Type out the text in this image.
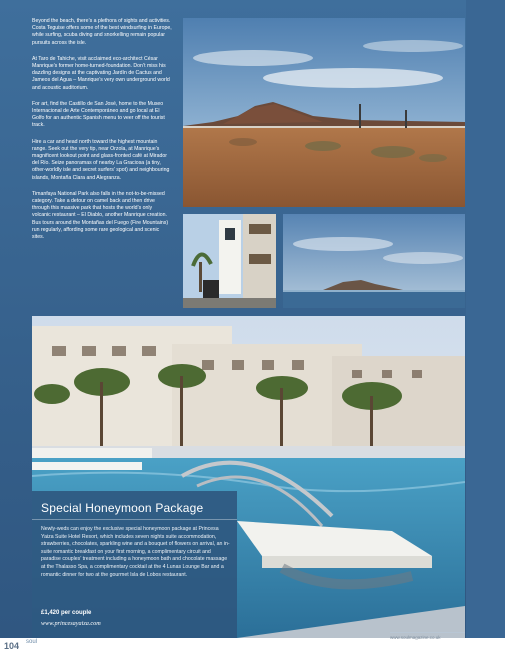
Beyond the beach, there’s a plethora of sights and activities. Costa Teguise offers some of the best windsurfing in Europe, while surfing, scuba diving and snorkelling remain popular pursuits across the isle.

At Taro de Tahiche, visit acclaimed eco-architect César Manrique’s former home-turned-foundation. Don’t miss his dazzling designs at the captivating Jardín de Cactus and Jameos del Agua – Manrique’s very own underground world and acoustic auditorium.

For art, find the Castillo de San José, home to the Museo Internacional de Arte Contemporáneo and go local at El Golfo for an authentic Spanish menu to veer off the tourist track.

Hire a car and head north toward the highest mountain range. Seek out the very tip, near Orzola, at Manrique’s magnificent lookout point and glass-fronted café at Mirador del Río. Seize panoramas of nearby La Graciosa (a tiny, other-worldly isle and secret surfers’ spot) and neighbouring islands, Montaña Clara and Alegranza.

Timanfaya National Park also falls in the not-to-be-missed category. Take a detour on camel back and then drive through this massive park that hosts the world’s only volcanic restaurant – El Diablo, another Manrique creation. Bus tours around the Montañas del Fuego (Fire Mountains) run regularly, affording some rare geological and scenic sites.

Special Honeymoon Package
Newly-weds can enjoy the exclusive special honeymoon package at Princesa Yaiza Suite Hotel Resort, which includes seven nights suite accommodation, strawberries, chocolates, sparkling wine and a bouquet of flowers on arrival, an in-suite romantic breakfast on your first morning, a complimentary circuit and paradise couples’ treatment including a honeymoon bath and chocolate massage at the Thalasso Spa, a complimentary cocktail at the 4 Lunas Lounge Bar and a romantic dinner for two at the gourmet Isla de Lobos restaurant.
£1,420 per couple
www.princesayaiza.com
104 soul
www.soulmagazine.co.uk
